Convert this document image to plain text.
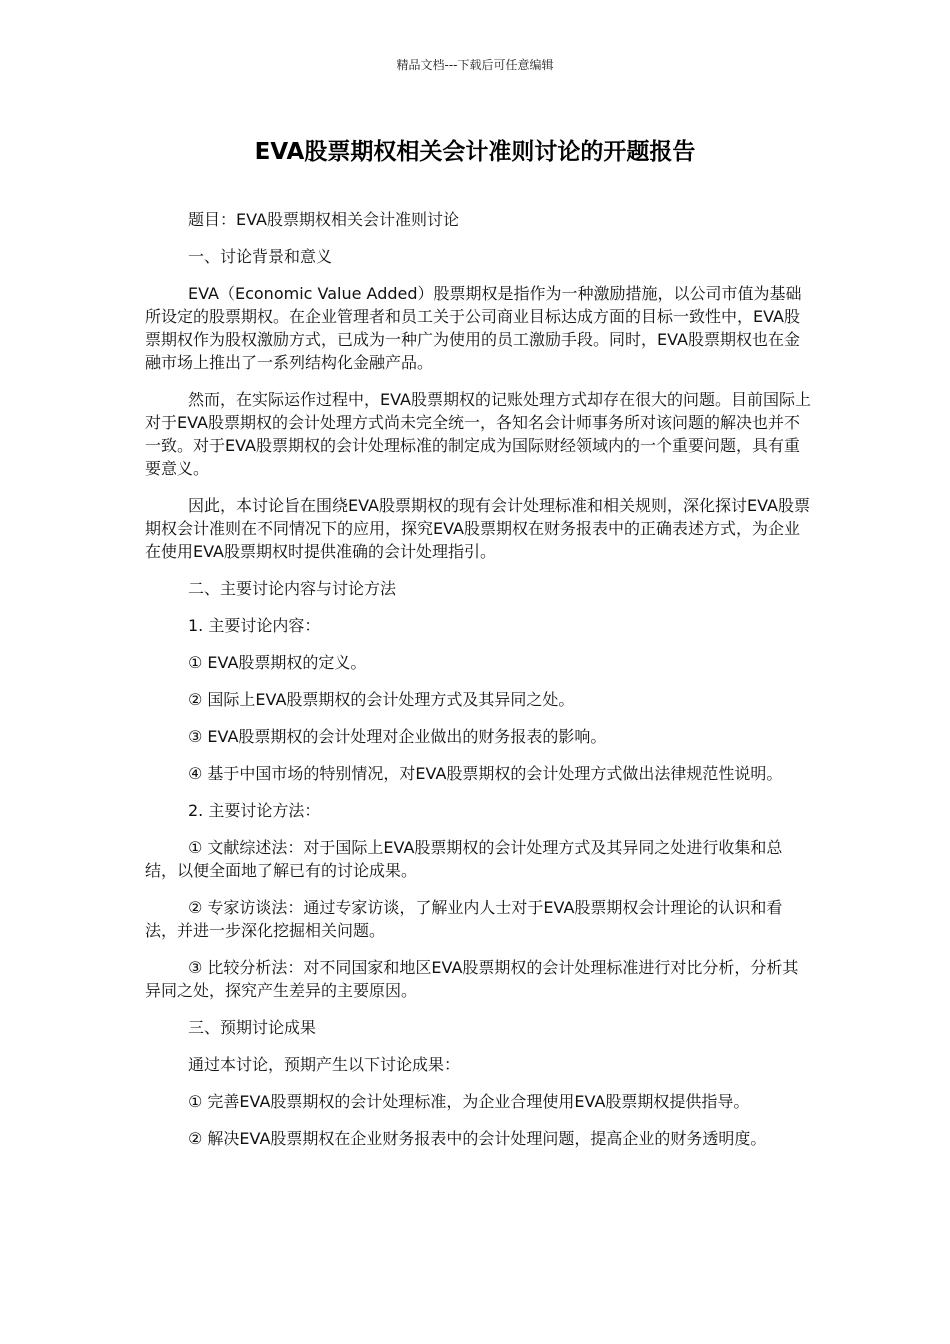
精品文档---下载后可任意编辑
EVA股票期权相关会计准则讨论的开题报告

题目：EVA股票期权相关会计准则讨论

一、讨论背景和意义

EVA（Economic Value Added）股票期权是指作为一种激励措施，以公司市值为基础所设定的股票期权。在企业管理者和员工关于公司商业目标达成方面的目标一致性中，EVA股票期权作为股权激励方式，已成为一种广为使用的员工激励手段。同时，EVA股票期权也在金融市场上推出了一系列结构化金融产品。

然而，在实际运作过程中，EVA股票期权的记账处理方式却存在很大的问题。目前国际上对于EVA股票期权的会计处理方式尚未完全统一，各知名会计师事务所对该问题的解决也并不一致。对于EVA股票期权的会计处理标准的制定成为国际财经领域内的一个重要问题，具有重要意义。

因此，本讨论旨在围绕EVA股票期权的现有会计处理标准和相关规则，深化探讨EVA股票期权会计准则在不同情况下的应用，探究EVA股票期权在财务报表中的正确表述方式，为企业在使用EVA股票期权时提供准确的会计处理指引。

二、主要讨论内容与讨论方法

1. 主要讨论内容：

① EVA股票期权的定义。

② 国际上EVA股票期权的会计处理方式及其异同之处。

③ EVA股票期权的会计处理对企业做出的财务报表的影响。

④ 基于中国市场的特别情况，对EVA股票期权的会计处理方式做出法律规范性说明。

2. 主要讨论方法：

① 文献综述法：对于国际上EVA股票期权的会计处理方式及其异同之处进行收集和总结，以便全面地了解已有的讨论成果。

② 专家访谈法：通过专家访谈，了解业内人士对于EVA股票期权会计理论的认识和看法，并进一步深化挖掘相关问题。

③ 比较分析法：对不同国家和地区EVA股票期权的会计处理标准进行对比分析，分析其异同之处，探究产生差异的主要原因。

三、预期讨论成果

通过本讨论，预期产生以下讨论成果：

① 完善EVA股票期权的会计处理标准，为企业合理使用EVA股票期权提供指导。

② 解决EVA股票期权在企业财务报表中的会计处理问题，提高企业的财务透明度。
